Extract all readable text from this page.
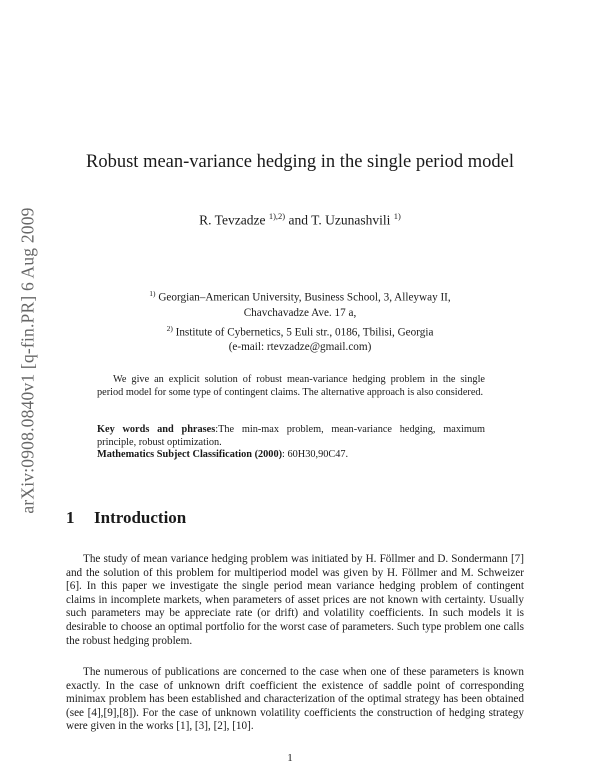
arXiv:0908.0840v1 [q-fin.PR] 6 Aug 2009
Robust mean-variance hedging in the single period model
R. Tevzadze $^{1),2)}$ and T. Uzunashvili $^{1)}$
$^{1)}$ Georgian–American University, Business School, 3, Alleyway II,
Chavchavadze Ave. 17 a,
$^{2)}$ Institute of Cybernetics, 5 Euli str., 0186, Tbilisi, Georgia
(e-mail: rtevzadze@gmail.com)

We give an explicit solution of robust mean-variance hedging problem in the single period model for some type of contingent claims. The alternative approach is also considered.

Key words and phrases:The min-max problem, mean-variance hedging, maximum principle, robust optimization.

Mathematics Subject Classification (2000): 60H30,90C47.

1 Introduction

The study of mean variance hedging problem was initiated by H. Föllmer and D. Sondermann [7] and the solution of this problem for multiperiod model was given by H. Föllmer and M. Schweizer [6]. In this paper we investigate the single period mean variance hedging problem of contingent claims in incomplete markets, when parameters of asset prices are not known with certainty. Usually such parameters may be appreciate rate (or drift) and volatility coefficients. In such models it is desirable to choose an optimal portfolio for the worst case of parameters. Such type problem one calls the robust hedging problem.

The numerous of publications are concerned to the case when one of these parameters is known exactly. In the case of unknown drift coefficient the existence of saddle point of corresponding minimax problem has been established and characterization of the optimal strategy has been obtained (see [4],[9],[8]). For the case of unknown volatility coefficients the construction of hedging strategy were given in the works [1], [3], [2], [10].

1
